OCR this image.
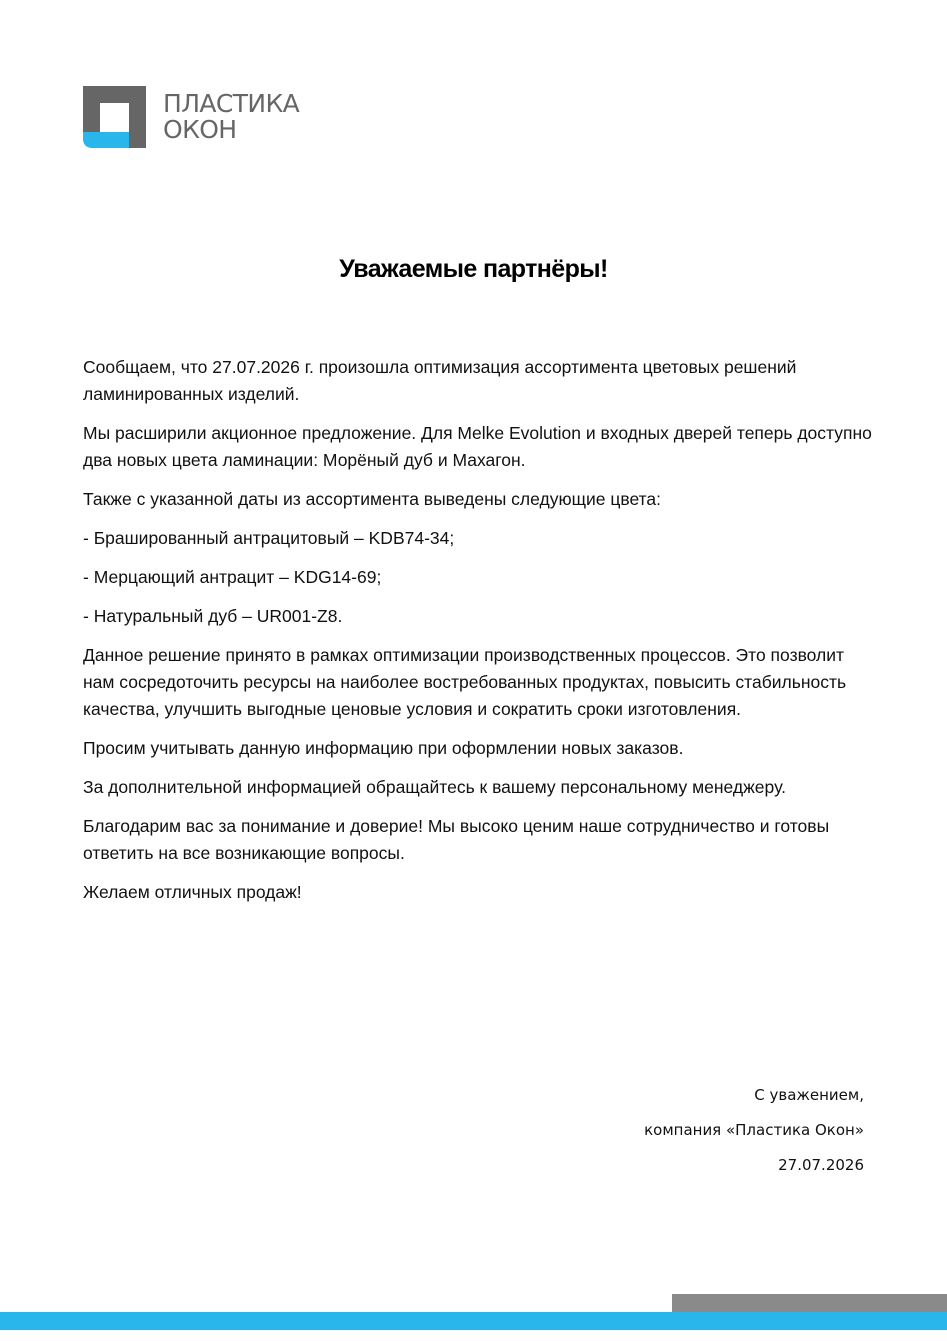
ПЛАСТИКА
ОКОН
Уважаемые партнёры!

Сообщаем, что 27.07.2026 г. произошла оптимизация ассортимента цветовых решений ламинированных изделий.

Мы расширили акционное предложение. Для Melke Evolution и входных дверей теперь доступно два новых цвета ламинации: Морёный дуб и Махагон.

Также с указанной даты из ассортимента выведены следующие цвета:

- Брашированный антрацитовый – KDB74-34;

- Мерцающий антрацит – KDG14-69;

- Натуральный дуб – UR001-Z8.

Данное решение принято в рамках оптимизации производственных процессов. Это позволит нам сосредоточить ресурсы на наиболее востребованных продуктах, повысить стабильность качества, улучшить выгодные ценовые условия и сократить сроки изготовления.

Просим учитывать данную информацию при оформлении новых заказов.

За дополнительной информацией обращайтесь к вашему персональному менеджеру.

Благодарим вас за понимание и доверие! Мы высоко ценим наше сотрудничество и готовы ответить на все возникающие вопросы.

Желаем отличных продаж!

С уважением,
компания «Пластика Окон»
27.07.2026
